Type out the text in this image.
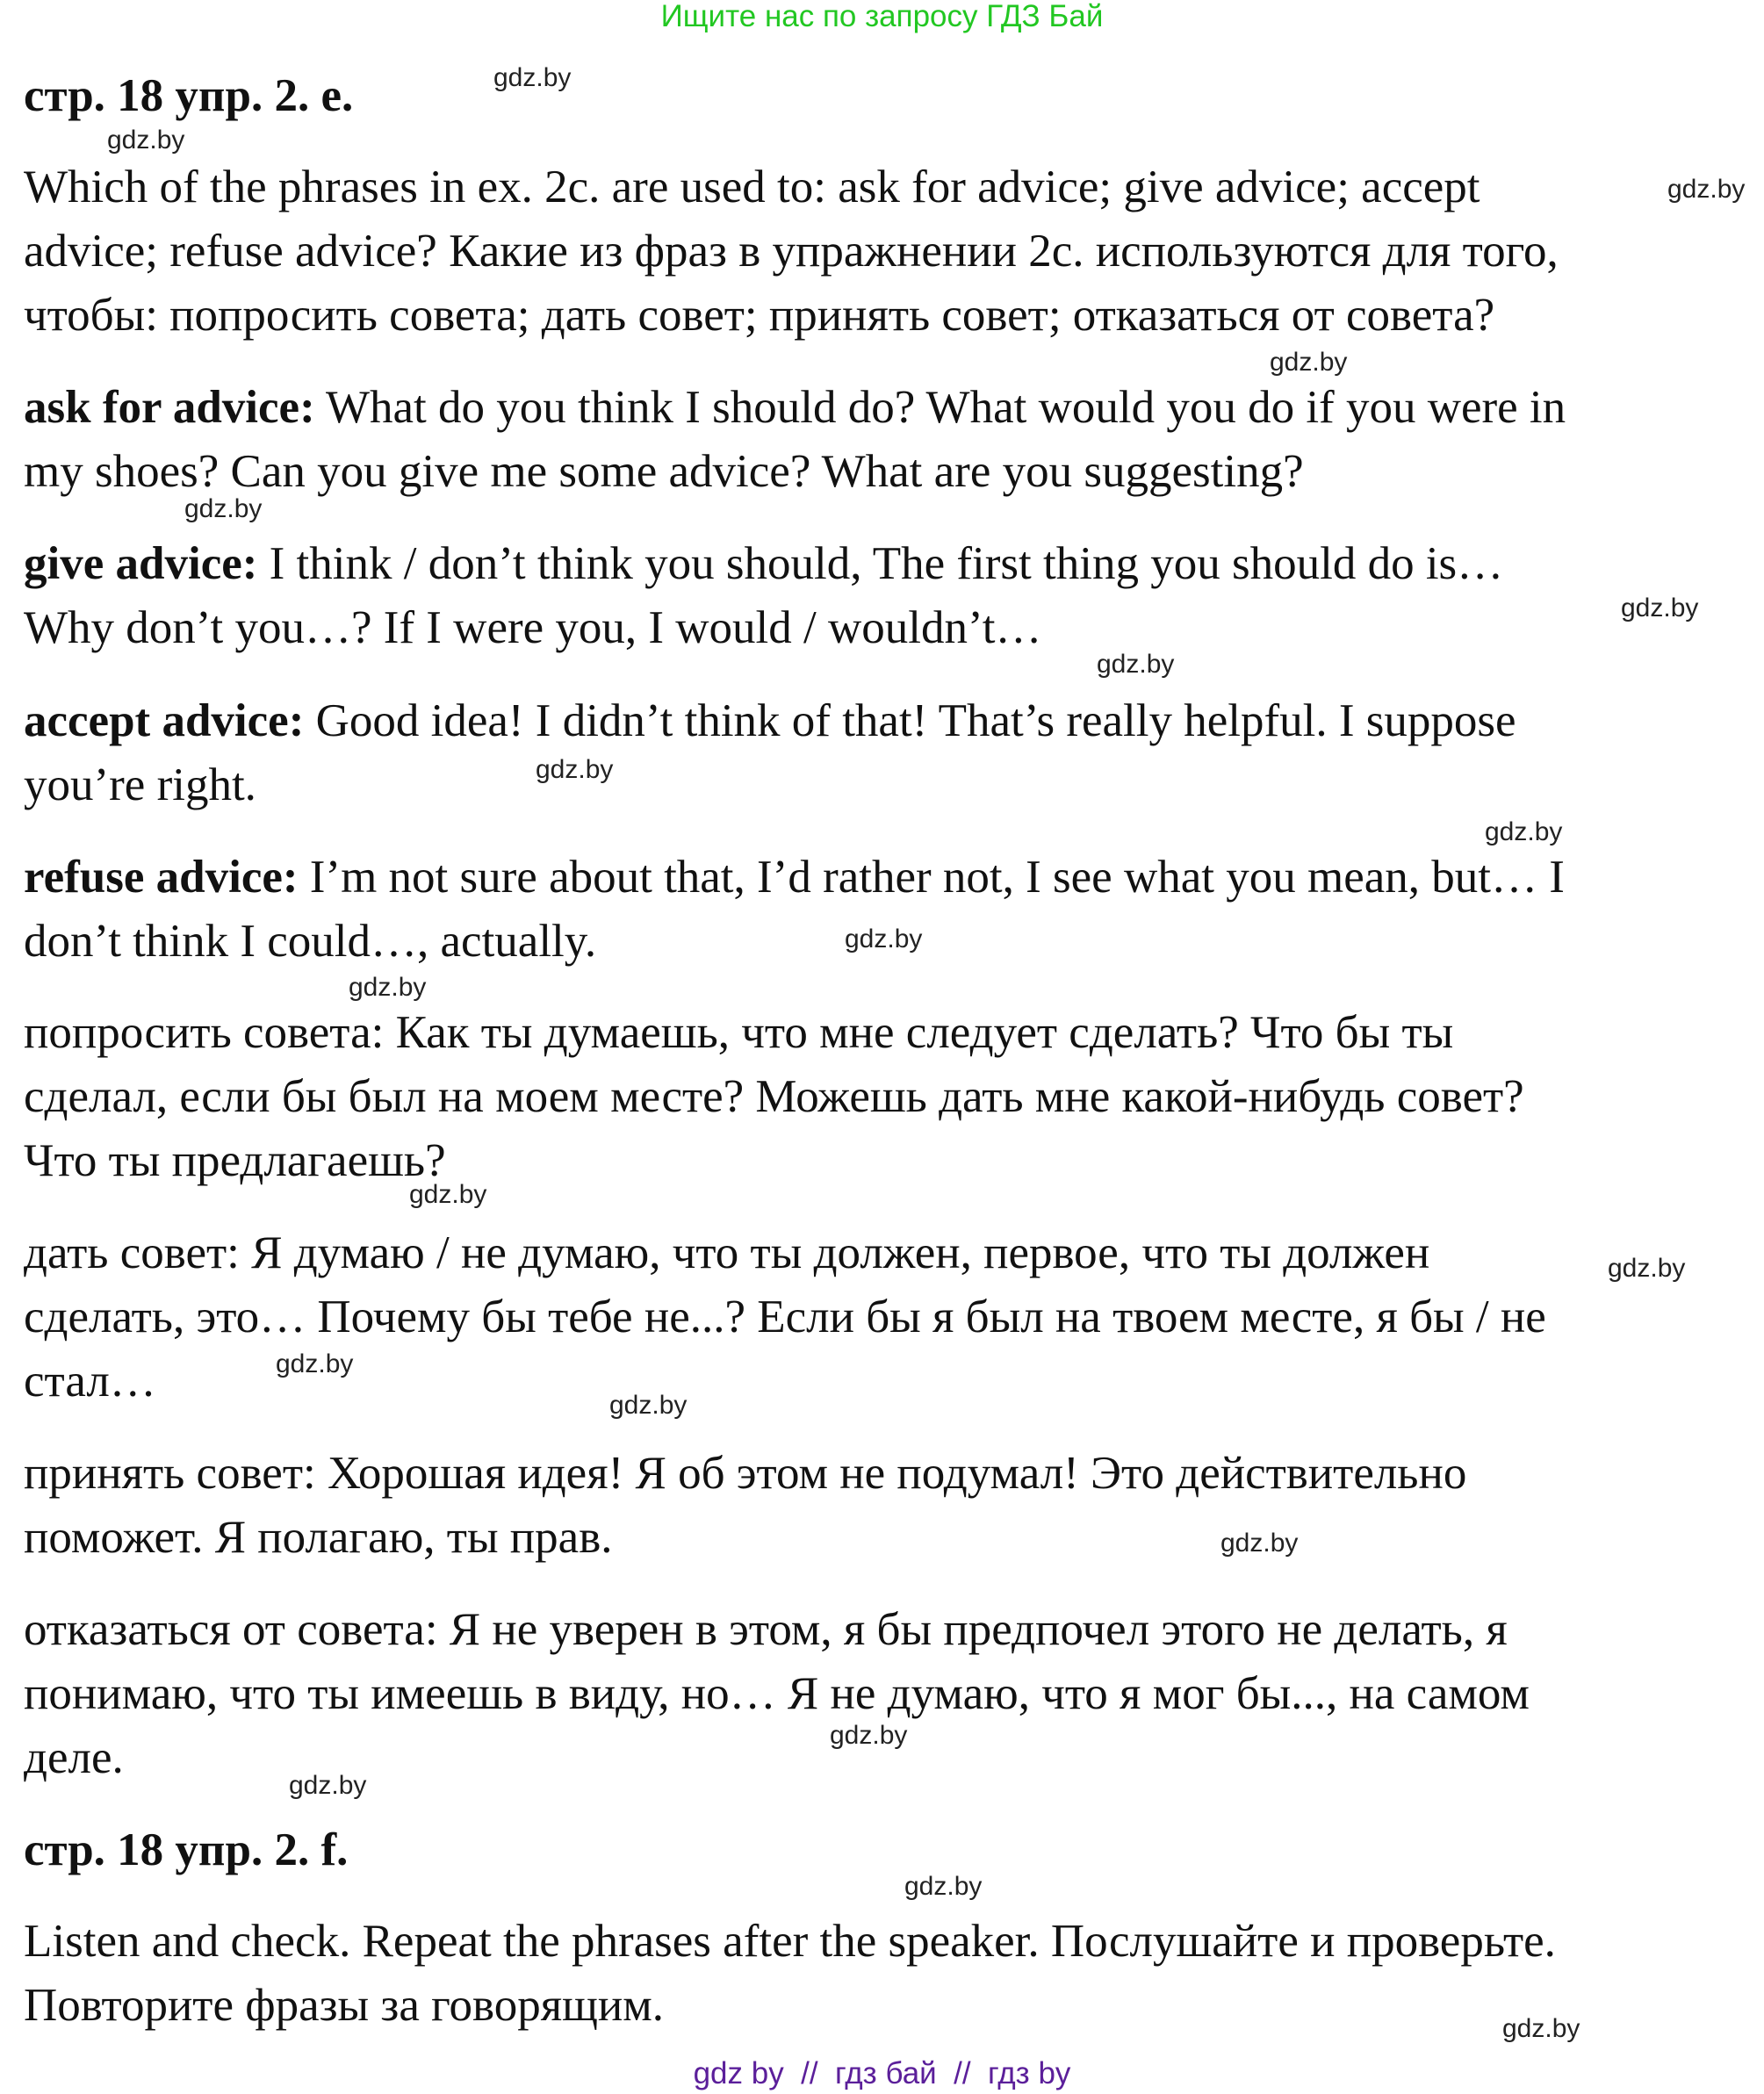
Ищите нас по запросу ГДЗ Бай
стр. 18 упр. 2. е.
Which of the phrases in ex. 2c. are used to: ask for advice; give advice; accept
advice; refuse advice? Какие из фраз в упражнении 2c. используются для того,
чтобы: попросить совета; дать совет; принять совет; отказаться от совета?
ask for advice: What do you think I should do? What would you do if you were in
my shoes? Can you give me some advice? What are you suggesting?
give advice: I think / don’t think you should, The first thing you should do is…
Why don’t you…? If I were you, I would / wouldn’t…
accept advice: Good idea! I didn’t think of that! That’s really helpful. I suppose
you’re right.
refuse advice: I’m not sure about that, I’d rather not, I see what you mean, but… I
don’t think I could…, actually.
попросить совета: Как ты думаешь, что мне следует сделать? Что бы ты
сделал, если бы был на моем месте? Можешь дать мне какой-нибудь совет?
Что ты предлагаешь?
дать совет: Я думаю / не думаю, что ты должен, первое, что ты должен
сделать, это… Почему бы тебе не...? Если бы я был на твоем месте, я бы / не
стал…
принять совет: Хорошая идея! Я об этом не подумал! Это действительно
поможет. Я полагаю, ты прав.
отказаться от совета: Я не уверен в этом, я бы предпочел этого не делать, я
понимаю, что ты имеешь в виду, но… Я не думаю, что я мог бы..., на самом
деле.
стр. 18 упр. 2. f.
Listen and check. Repeat the phrases after the speaker. Послушайте и проверьте.
Повторите фразы за говорящим.
gdz.by
gdz.by
gdz.by
gdz.by
gdz.by
gdz.by
gdz.by
gdz.by
gdz.by
gdz.by
gdz.by
gdz.by
gdz.by
gdz.by
gdz.by
gdz.by
gdz.by
gdz.by
gdz.by
gdz.by
gdz by  //  гдз бай  //  гдз by
